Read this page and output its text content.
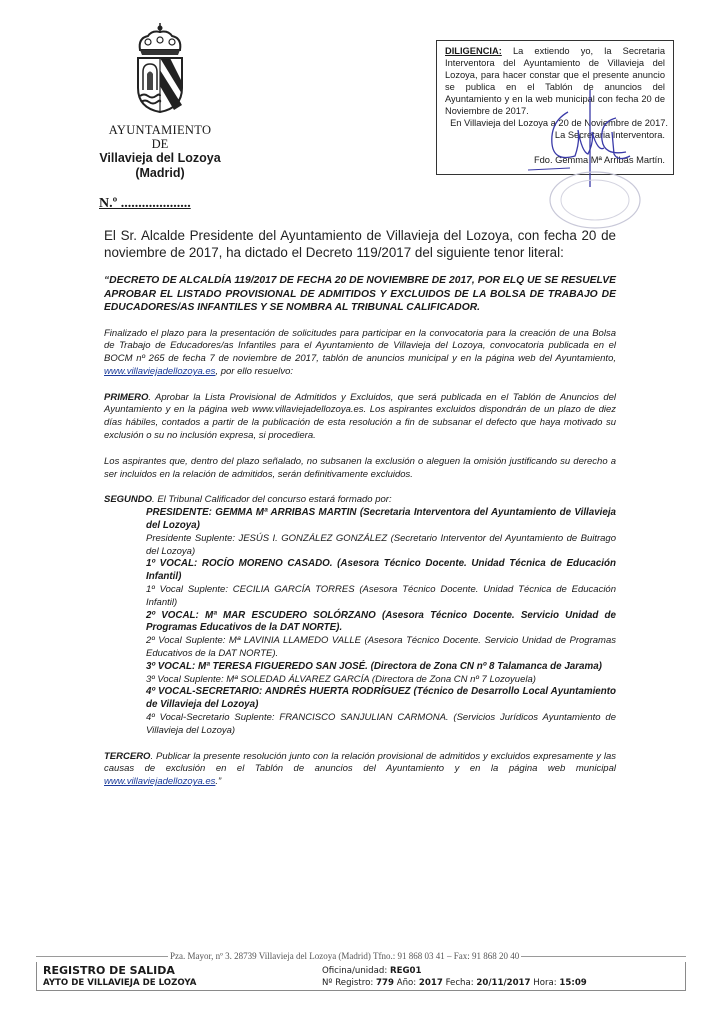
AYUNTAMIENTO
DE
Villavieja del Lozoya
(Madrid)
N.º ....................
DILIGENCIA: La extiendo yo, la Secretaria Interventora del Ayuntamiento de Villavieja del Lozoya, para hacer constar que el presente anuncio se publica en el Tablón de anuncios del Ayuntamiento y en la web municipal con fecha 20 de Noviembre de 2017.
En Villavieja del Lozoya a 20 de Noviembre de 2017.
La Secretaria Interventora.
Fdo. Gemma Mª Arribas Martín.

El Sr. Alcalde Presidente del Ayuntamiento de Villavieja del Lozoya, con fecha 20 de noviembre de 2017, ha dictado el Decreto 119/2017 del siguiente tenor literal:

“DECRETO DE ALCALDÍA 119/2017 DE FECHA 20 DE NOVIEMBRE DE 2017, POR ELQ UE SE RESUELVE APROBAR EL LISTADO PROVISIONAL DE ADMITIDOS Y EXCLUIDOS DE LA BOLSA DE TRABAJO DE EDUCADORES/AS INFANTILES Y SE NOMBRA AL TRIBUNAL CALIFICADOR.

Finalizado el plazo para la presentación de solicitudes para participar en la convocatoria para la creación de una Bolsa de Trabajo de Educadores/as Infantiles para el Ayuntamiento de Villavieja del Lozoya, convocatoria publicada en el BOCM nº 265 de fecha 7 de noviembre de 2017, tablón de anuncios municipal y en la página web del Ayuntamiento, www.villaviejadellozoya.es, por ello resuelvo:

PRIMERO. Aprobar la Lista Provisional de Admitidos y Excluidos, que será publicada en el Tablón de Anuncios del Ayuntamiento y en la página web www.villaviejadellozoya.es. Los aspirantes excluidos dispondrán de un plazo de diez días hábiles, contados a partir de la publicación de esta resolución a fin de subsanar el defecto que haya motivado su exclusión o su no inclusión expresa, si procediera.

Los aspirantes que, dentro del plazo señalado, no subsanen la exclusión o aleguen la omisión justificando su derecho a ser incluidos en la relación de admitidos, serán definitivamente excluidos.

SEGUNDO. El Tribunal Calificador del concurso estará formado por:

PRESIDENTE: GEMMA Mª ARRIBAS MARTIN (Secretaria Interventora del Ayuntamiento de Villavieja del Lozoya)
Presidente Suplente: JESÚS I. GONZÁLEZ GONZÁLEZ (Secretario Interventor del Ayuntamiento de Buitrago del Lozoya)
1º VOCAL: ROCÍO MORENO CASADO. (Asesora Técnico Docente. Unidad Técnica de Educación Infantil)
1º Vocal Suplente: CECILIA GARCÍA TORRES (Asesora Técnico Docente. Unidad Técnica de Educación Infantil)
2º VOCAL: Mª MAR ESCUDERO SOLÓRZANO (Asesora Técnico Docente. Servicio Unidad de Programas Educativos de la DAT NORTE).
2º Vocal Suplente: Mª LAVINIA LLAMEDO VALLE (Asesora Técnico Docente. Servicio Unidad de Programas Educativos de la DAT NORTE).
3º VOCAL: Mª TERESA FIGUEREDO SAN JOSÉ. (Directora de Zona CN nº 8 Talamanca de Jarama)
3º Vocal Suplente: Mª SOLEDAD ÁLVAREZ GARCÍA (Directora de Zona CN nº 7 Lozoyuela)
4º VOCAL-SECRETARIO: ANDRÉS HUERTA RODRÍGUEZ (Técnico de Desarrollo Local Ayuntamiento de Villavieja del Lozoya)
4º Vocal-Secretario Suplente: FRANCISCO SANJULIAN CARMONA. (Servicios Jurídicos Ayuntamiento de Villavieja del Lozoya)

TERCERO. Publicar la presente resolución junto con la relación provisional de admitidos y excluidos expresamente y las causas de exclusión en el Tablón de anuncios del Ayuntamiento y en la página web municipal www.villaviejadellozoya.es.”

Pza. Mayor, nº 3. 28739 Villavieja del Lozoya (Madrid) Tfno.: 91 868 03 41 – Fax: 91 868 20 40
REGISTRO DE SALIDA
AYTO DE VILLAVIEJA DE LOZOYA
Oficina/unidad: REG01
Nº Registro: 779 Año: 2017 Fecha: 20/11/2017 Hora: 15:09
